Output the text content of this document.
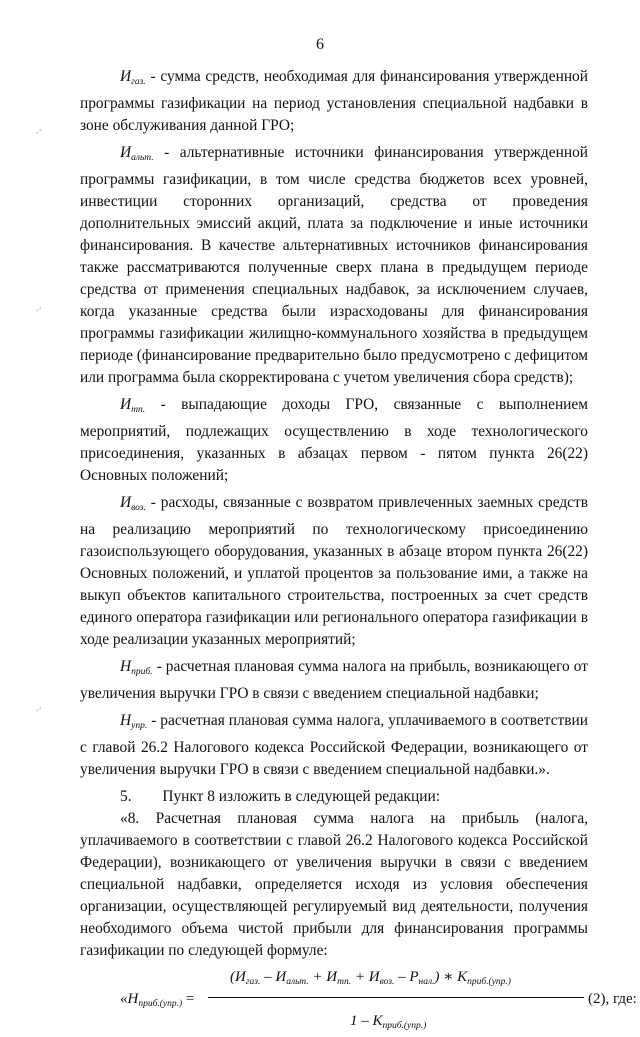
6

$И_{газ.}$ - сумма средств, необходимая для финансирования утвержденной программы газификации на период установления специальной надбавки в зоне обслуживания данной ГРО;

$И_{альт.}$ - альтернативные источники финансирования утвержденной программы газификации, в том числе средства бюджетов всех уровней, инвестиции сторонних организаций, средства от проведения дополнительных эмиссий акций, плата за подключение и иные источники финансирования. В качестве альтернативных источников финансирования также рассматриваются полученные сверх плана в предыдущем периоде средства от применения специальных надбавок, за исключением случаев, когда указанные средства были израсходованы для финансирования программы газификации жилищно-коммунального хозяйства в предыдущем периоде (финансирование предварительно было предусмотрено с дефицитом или программа была скорректирована с учетом увеличения сбора средств);

$И_{тп.}$ - выпадающие доходы ГРО, связанные с выполнением мероприятий, подлежащих осуществлению в ходе технологического присоединения, указанных в абзацах первом - пятом пункта 26(22) Основных положений;

$И_{воз.}$ - расходы, связанные с возвратом привлеченных заемных средств на реализацию мероприятий по технологическому присоединению газоиспользующего оборудования, указанных в абзаце втором пункта 26(22) Основных положений, и уплатой процентов за пользование ими, а также на выкуп объектов капитального строительства, построенных за счет средств единого оператора газификации или регионального оператора газификации в ходе реализации указанных мероприятий;

$Н_{приб.}$ - расчетная плановая сумма налога на прибыль, возникающего от увеличения выручки ГРО в связи с введением специальной надбавки;

$Н_{упр.}$ - расчетная плановая сумма налога, уплачиваемого в соответствии с главой 26.2 Налогового кодекса Российской Федерации, возникающего от увеличения выручки ГРО в связи с введением специальной надбавки.».

5.        Пункт 8 изложить в следующей редакции:

«8. Расчетная плановая сумма налога на прибыль (налога, уплачиваемого в соответствии с главой 26.2 Налогового кодекса Российской Федерации), возникающего от увеличения выручки в связи с введением специальной надбавки, определяется исходя из условия обеспечения организации, осуществляющей регулируемый вид деятельности, получения необходимого объема чистой прибыли для финансирования программы газификации по следующей формуле:

«$Н_{приб.(упр.)}$ =
$(И_{газ.} - И_{альт.} + И_{тп.} + И_{воз.} - Р_{нал.})$ ∗ $К_{приб.(упр.)}$
$1 - К_{приб.(упр.)}$
(2), где:
·'
·'
·'
